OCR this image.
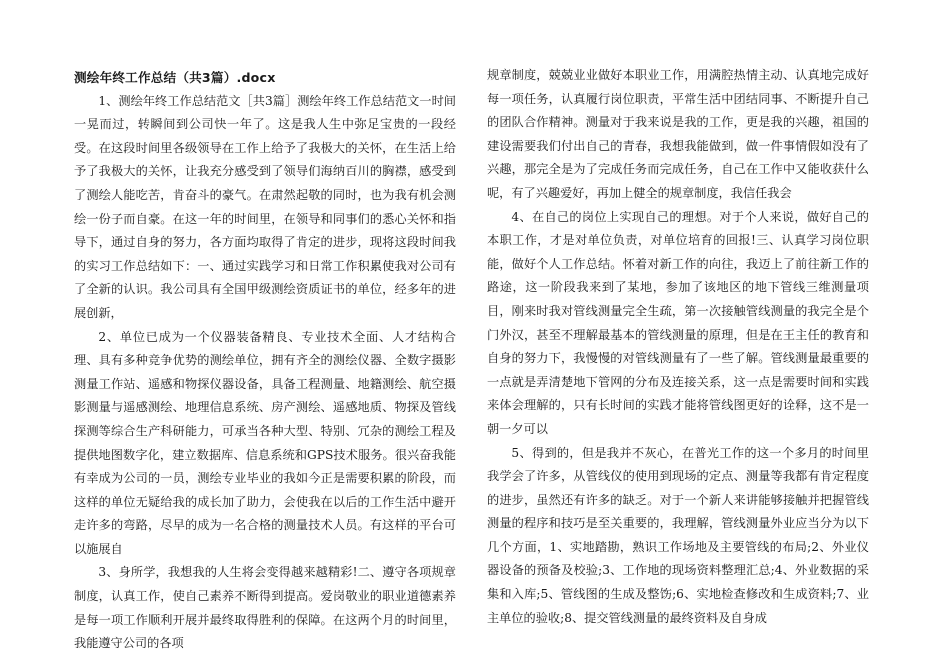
测绘年终工作总结（共3篇）.docx

1、测绘年终工作总结范文［共3篇］测绘年终工作总结范文一时间一晃而过，转瞬间到公司快一年了。这是我人生中弥足宝贵的一段经受。在这段时间里各级领导在工作上给予了我极大的关怀，在生活上给予了我极大的关怀，让我充分感受到了领导们海纳百川的胸襟，感受到了测绘人能吃苦，肯奋斗的豪气。在肃然起敬的同时，也为我有机会测绘一份子而自豪。在这一年的时间里，在领导和同事们的悉心关怀和指导下，通过自身的努力，各方面均取得了肯定的进步，现将这段时间我的实习工作总结如下：一、通过实践学习和日常工作积累使我对公司有了全新的认识。我公司具有全国甲级测绘资质证书的单位，经多年的进展创新，

2、单位已成为一个仪器装备精良、专业技术全面、人才结构合理、具有多种竞争优势的测绘单位，拥有齐全的测绘仪器、全数字摄影测量工作站、遥感和物探仪器设备，具备工程测量、地籍测绘、航空摄影测量与遥感测绘、地理信息系统、房产测绘、遥感地质、物探及管线探测等综合生产科研能力，可承当各种大型、特别、冗杂的测绘工程及提供地图数字化，建立数据库、信息系统和GPS技术服务。很兴奋我能有幸成为公司的一员，测绘专业毕业的我如今正是需要积累的阶段，而这样的单位无疑给我的成长加了助力，会使我在以后的工作生活中避开走许多的弯路，尽早的成为一名合格的测量技术人员。有这样的平台可以施展自

3、身所学，我想我的人生将会变得越来越精彩!二、遵守各项规章制度，认真工作，使自己素养不断得到提高。爱岗敬业的职业道德素养是每一项工作顺利开展并最终取得胜利的保障。在这两个月的时间里，我能遵守公司的各项

规章制度，兢兢业业做好本职业工作，用满腔热情主动、认真地完成好每一项任务，认真履行岗位职责，平常生活中团结同事、不断提升自己的团队合作精神。测量对于我来说是我的工作，更是我的兴趣，祖国的建设需要我们付出自己的青春，我想我能做到，做一件事情假如没有了兴趣，那完全是为了完成任务而完成任务，自己在工作中又能收获什么呢，有了兴趣爱好，再加上健全的规章制度，我信任我会

4、在自己的岗位上实现自己的理想。对于个人来说，做好自己的本职工作，才是对单位负责，对单位培育的回报!三、认真学习岗位职能，做好个人工作总结。怀着对新工作的向往，我迈上了前往新工作的路途，这一阶段我来到了某地，参加了该地区的地下管线三维测量项目，刚来时我对管线测量完全生疏，第一次接触管线测量的我完全是个门外汉，甚至不理解最基本的管线测量的原理，但是在王主任的教育和自身的努力下，我慢慢的对管线测量有了一些了解。管线测量最重要的一点就是弄清楚地下管网的分布及连接关系，这一点是需要时间和实践来体会理解的，只有长时间的实践才能将管线图更好的诠释，这不是一朝一夕可以

5、得到的，但是我并不灰心，在普光工作的这一个多月的时间里我学会了许多，从管线仪的使用到现场的定点、测量等我都有肯定程度的进步，虽然还有许多的缺乏。对于一个新人来讲能够接触并把握管线测量的程序和技巧是至关重要的，我理解，管线测量外业应当分为以下几个方面，1、实地踏勘，熟识工作场地及主要管线的布局;2、外业仪器设备的预备及校验;3、工作地的现场资料整理汇总;4、外业数据的采集和入库;5、管线图的生成及整饬;6、实地检查修改和生成资料;7、业主单位的验收;8、提交管线测量的最终资料及自身成
